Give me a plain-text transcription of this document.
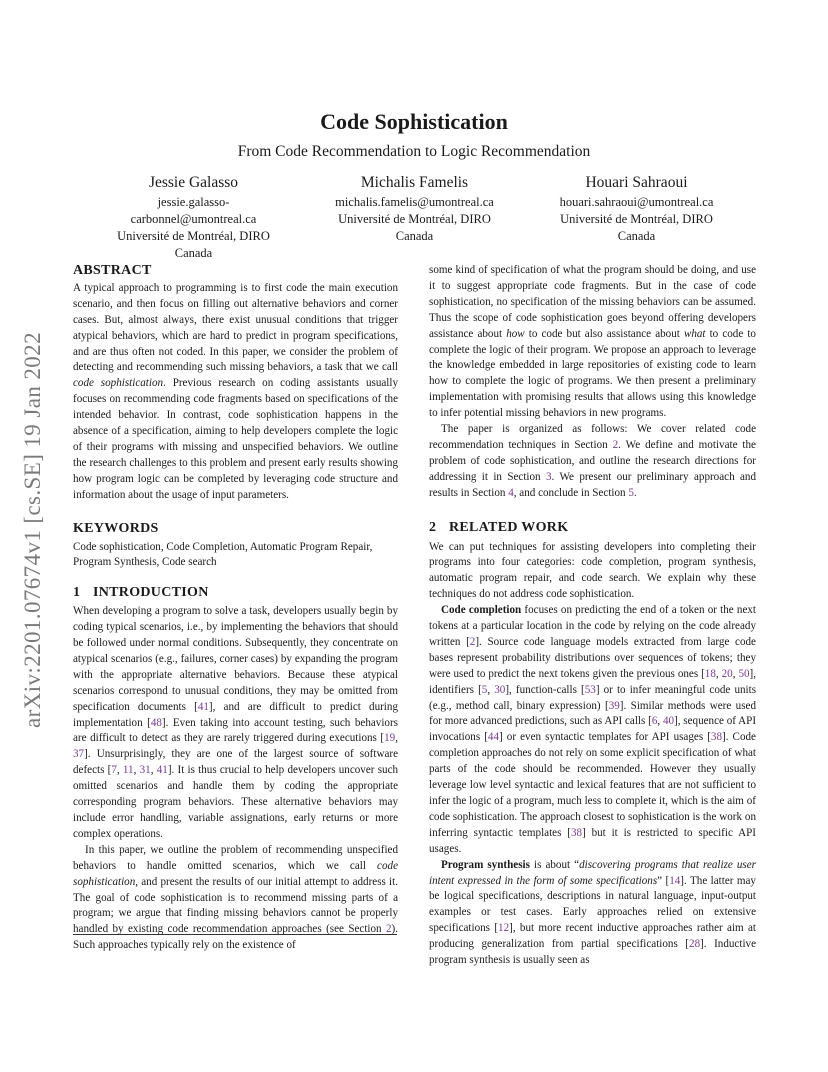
Code Sophistication
From Code Recommendation to Logic Recommendation
Jessie Galasso
jessie.galasso-
carbonnel@umontreal.ca
Université de Montréal, DIRO
Canada
Michalis Famelis
michalis.famelis@umontreal.ca
Université de Montréal, DIRO
Canada
Houari Sahraoui
houari.sahraoui@umontreal.ca
Université de Montréal, DIRO
Canada
arXiv:2201.07674v1 [cs.SE] 19 Jan 2022
ABSTRACT

A typical approach to programming is to first code the main execution scenario, and then focus on filling out alternative behaviors and corner cases. But, almost always, there exist unusual conditions that trigger atypical behaviors, which are hard to predict in program specifications, and are thus often not coded. In this paper, we consider the problem of detecting and recommending such missing behaviors, a task that we call code sophistication. Previous research on coding assistants usually focuses on recommending code fragments based on specifications of the intended behavior. In contrast, code sophistication happens in the absence of a specification, aiming to help developers complete the logic of their programs with missing and unspecified behaviors. We outline the research challenges to this problem and present early results showing how program logic can be completed by leveraging code structure and information about the usage of input parameters.

KEYWORDS

Code sophistication, Code Completion, Automatic Program Repair, Program Synthesis, Code search

1 INTRODUCTION

When developing a program to solve a task, developers usually begin by coding typical scenarios, i.e., by implementing the behaviors that should be followed under normal conditions. Subsequently, they concentrate on atypical scenarios (e.g., failures, corner cases) by expanding the program with the appropriate alternative behaviors. Because these atypical scenarios correspond to unusual conditions, they may be omitted from specification documents [41], and are difficult to predict during implementation [48]. Even taking into account testing, such behaviors are difficult to detect as they are rarely triggered during executions [19, 37]. Unsurprisingly, they are one of the largest source of software defects [7, 11, 31, 41]. It is thus crucial to help developers uncover such omitted scenarios and handle them by coding the appropriate corresponding program behaviors. These alternative behaviors may include error handling, variable assignations, early returns or more complex operations.

In this paper, we outline the problem of recommending unspecified behaviors to handle omitted scenarios, which we call code sophistication, and present the results of our initial attempt to address it. The goal of code sophistication is to recommend missing parts of a program; we argue that finding missing behaviors cannot be properly handled by existing code recommendation approaches (see Section 2). Such approaches typically rely on the existence of

some kind of specification of what the program should be doing, and use it to suggest appropriate code fragments. But in the case of code sophistication, no specification of the missing behaviors can be assumed. Thus the scope of code sophistication goes beyond offering developers assistance about how to code but also assistance about what to code to complete the logic of their program. We propose an approach to leverage the knowledge embedded in large repositories of existing code to learn how to complete the logic of programs. We then present a preliminary implementation with promising results that allows using this knowledge to infer potential missing behaviors in new programs.

The paper is organized as follows: We cover related code recommendation techniques in Section 2. We define and motivate the problem of code sophistication, and outline the research directions for addressing it in Section 3. We present our preliminary approach and results in Section 4, and conclude in Section 5.

2 RELATED WORK

We can put techniques for assisting developers into completing their programs into four categories: code completion, program synthesis, automatic program repair, and code search. We explain why these techniques do not address code sophistication.

Code completion focuses on predicting the end of a token or the next tokens at a particular location in the code by relying on the code already written [2]. Source code language models extracted from large code bases represent probability distributions over sequences of tokens; they were used to predict the next tokens given the previous ones [18, 20, 50], identifiers [5, 30], function-calls [53] or to infer meaningful code units (e.g., method call, binary expression) [39]. Similar methods were used for more advanced predictions, such as API calls [6, 40], sequence of API invocations [44] or even syntactic templates for API usages [38]. Code completion approaches do not rely on some explicit specification of what parts of the code should be recommended. However they usually leverage low level syntactic and lexical features that are not sufficient to infer the logic of a program, much less to complete it, which is the aim of code sophistication. The approach closest to sophistication is the work on inferring syntactic templates [38] but it is restricted to specific API usages.

Program synthesis is about “discovering programs that realize user intent expressed in the form of some specifications” [14]. The latter may be logical specifications, descriptions in natural language, input-output examples or test cases. Early approaches relied on extensive specifications [12], but more recent inductive approaches rather aim at producing generalization from partial specifications [28]. Inductive program synthesis is usually seen as
